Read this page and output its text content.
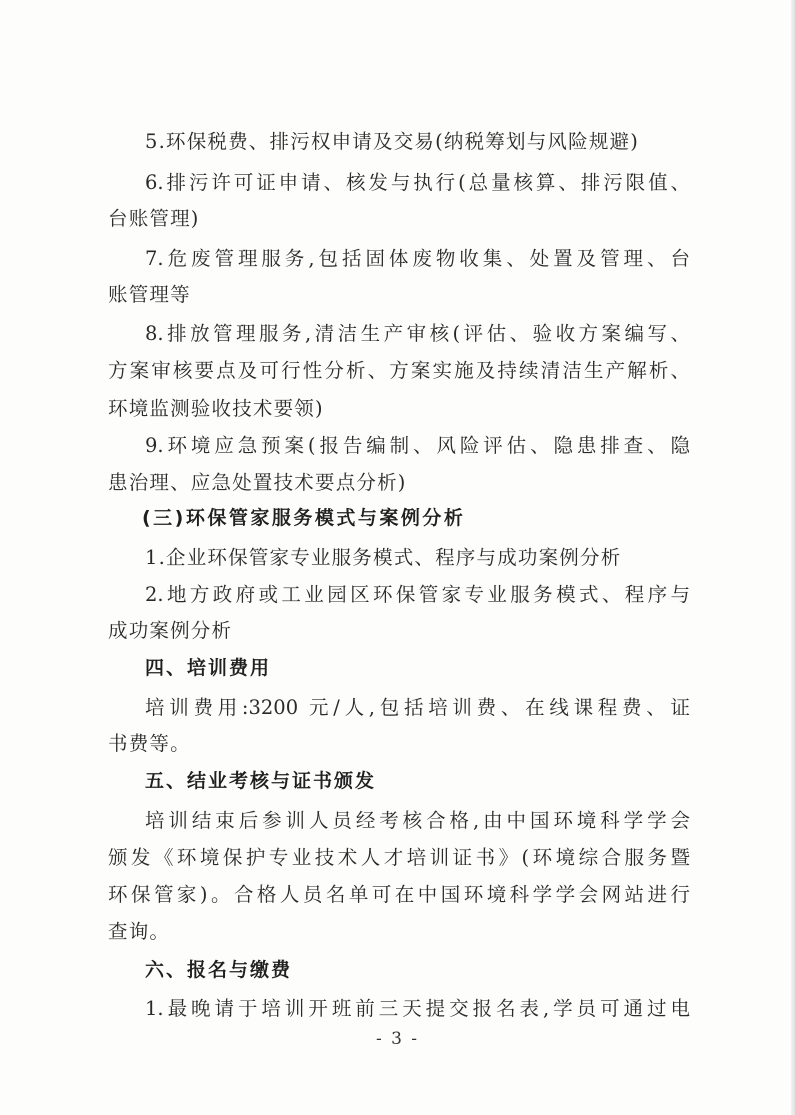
5.环保税费、排污权申请及交易(纳税筹划与风险规避)
6.排污许可证申请、核发与执行(总量核算、排污限值、
台账管理)
7.危废管理服务,包括固体废物收集、处置及管理、台
账管理等
8.排放管理服务,清洁生产审核(评估、验收方案编写、
方案审核要点及可行性分析、方案实施及持续清洁生产解析、
环境监测验收技术要领)
9.环境应急预案(报告编制、风险评估、隐患排查、隐
患治理、应急处置技术要点分析)
(三)环保管家服务模式与案例分析
1.企业环保管家专业服务模式、程序与成功案例分析
2.地方政府或工业园区环保管家专业服务模式、程序与
成功案例分析
四、培训费用
培训费用:3200 元/人,包括培训费、在线课程费、证
书费等。
五、结业考核与证书颁发
培训结束后参训人员经考核合格,由中国环境科学学会
颁发《环境保护专业技术人才培训证书》(环境综合服务暨
环保管家)。合格人员名单可在中国环境科学学会网站进行
查询。
六、报名与缴费
1.最晚请于培训开班前三天提交报名表,学员可通过电
- 3 -
